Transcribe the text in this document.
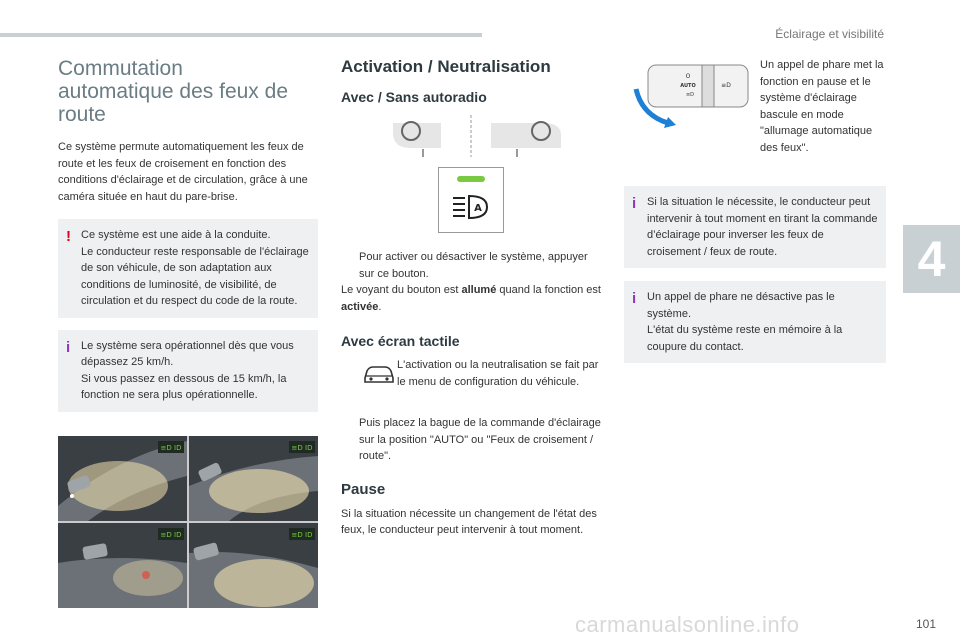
Éclairage et visibilité
4
101
carmanualsonline.info
Commutation
automatique des feux de
route

Ce système permute automatiquement les feux de route et les feux de croisement en fonction des conditions d'éclairage et de circulation, grâce à une caméra située en haut du pare-brise.

! Ce système est une aide à la conduite.

Le conducteur reste responsable de l'éclairage de son véhicule, de son adaptation aux conditions de luminosité, de visibilité, de circulation et du respect du code de la route.

i Le système sera opérationnel dès que vous dépassez 25 km/h.

Si vous passez en dessous de 15 km/h, la fonction ne sera plus opérationnelle.

≡D ID	≡D ID
≡D ID	≡D ID
Activation / Neutralisation
Avec / Sans autoradio
A
Pour activer ou désactiver le système, appuyer sur ce bouton.

Le voyant du bouton est allumé quand la fonction est activée.

Avec écran tactile

L'activation ou la neutralisation se fait par le menu de configuration du véhicule.

Puis placez la bague de la commande d'éclairage sur la position "AUTO" ou "Feux de croisement / route".
Pause

Si la situation nécessite un changement de l'état des feux, le conducteur peut intervenir à tout moment.

O
AUTO
≡D
≡D

Un appel de phare met la fonction en pause et le système d'éclairage bascule en mode "allumage automatique des feux".

i Si la situation le nécessite, le conducteur peut intervenir à tout moment en tirant la commande d’éclairage pour inverser les feux de croisement / feux de route.

i Un appel de phare ne désactive pas le système.

L'état du système reste en mémoire à la coupure du contact.
